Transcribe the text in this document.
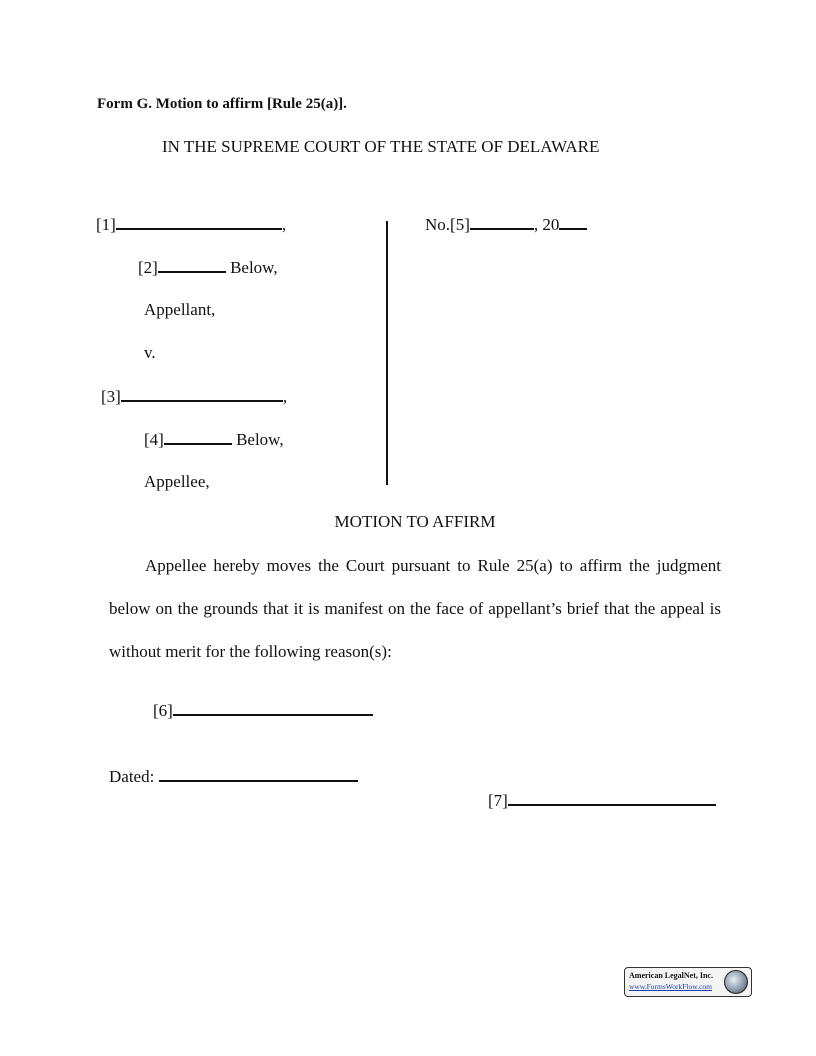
Form G. Motion to affirm [Rule 25(a)].
IN THE SUPREME COURT OF THE STATE OF DELAWARE
[1]	,
[2]	Below,
Appellant,
v.
[3]	,
[4]	Below,
Appellee,
No.[5]	, 20
MOTION TO AFFIRM
Appellee hereby moves the Court pursuant to Rule 25(a) to affirm the judgment below on the grounds that it is manifest on the face of appellant’s brief that the appeal is without merit for the following reason(s):
[6]
Dated:
[7]
American LegalNet, Inc.
www.FormsWorkFlow.com
